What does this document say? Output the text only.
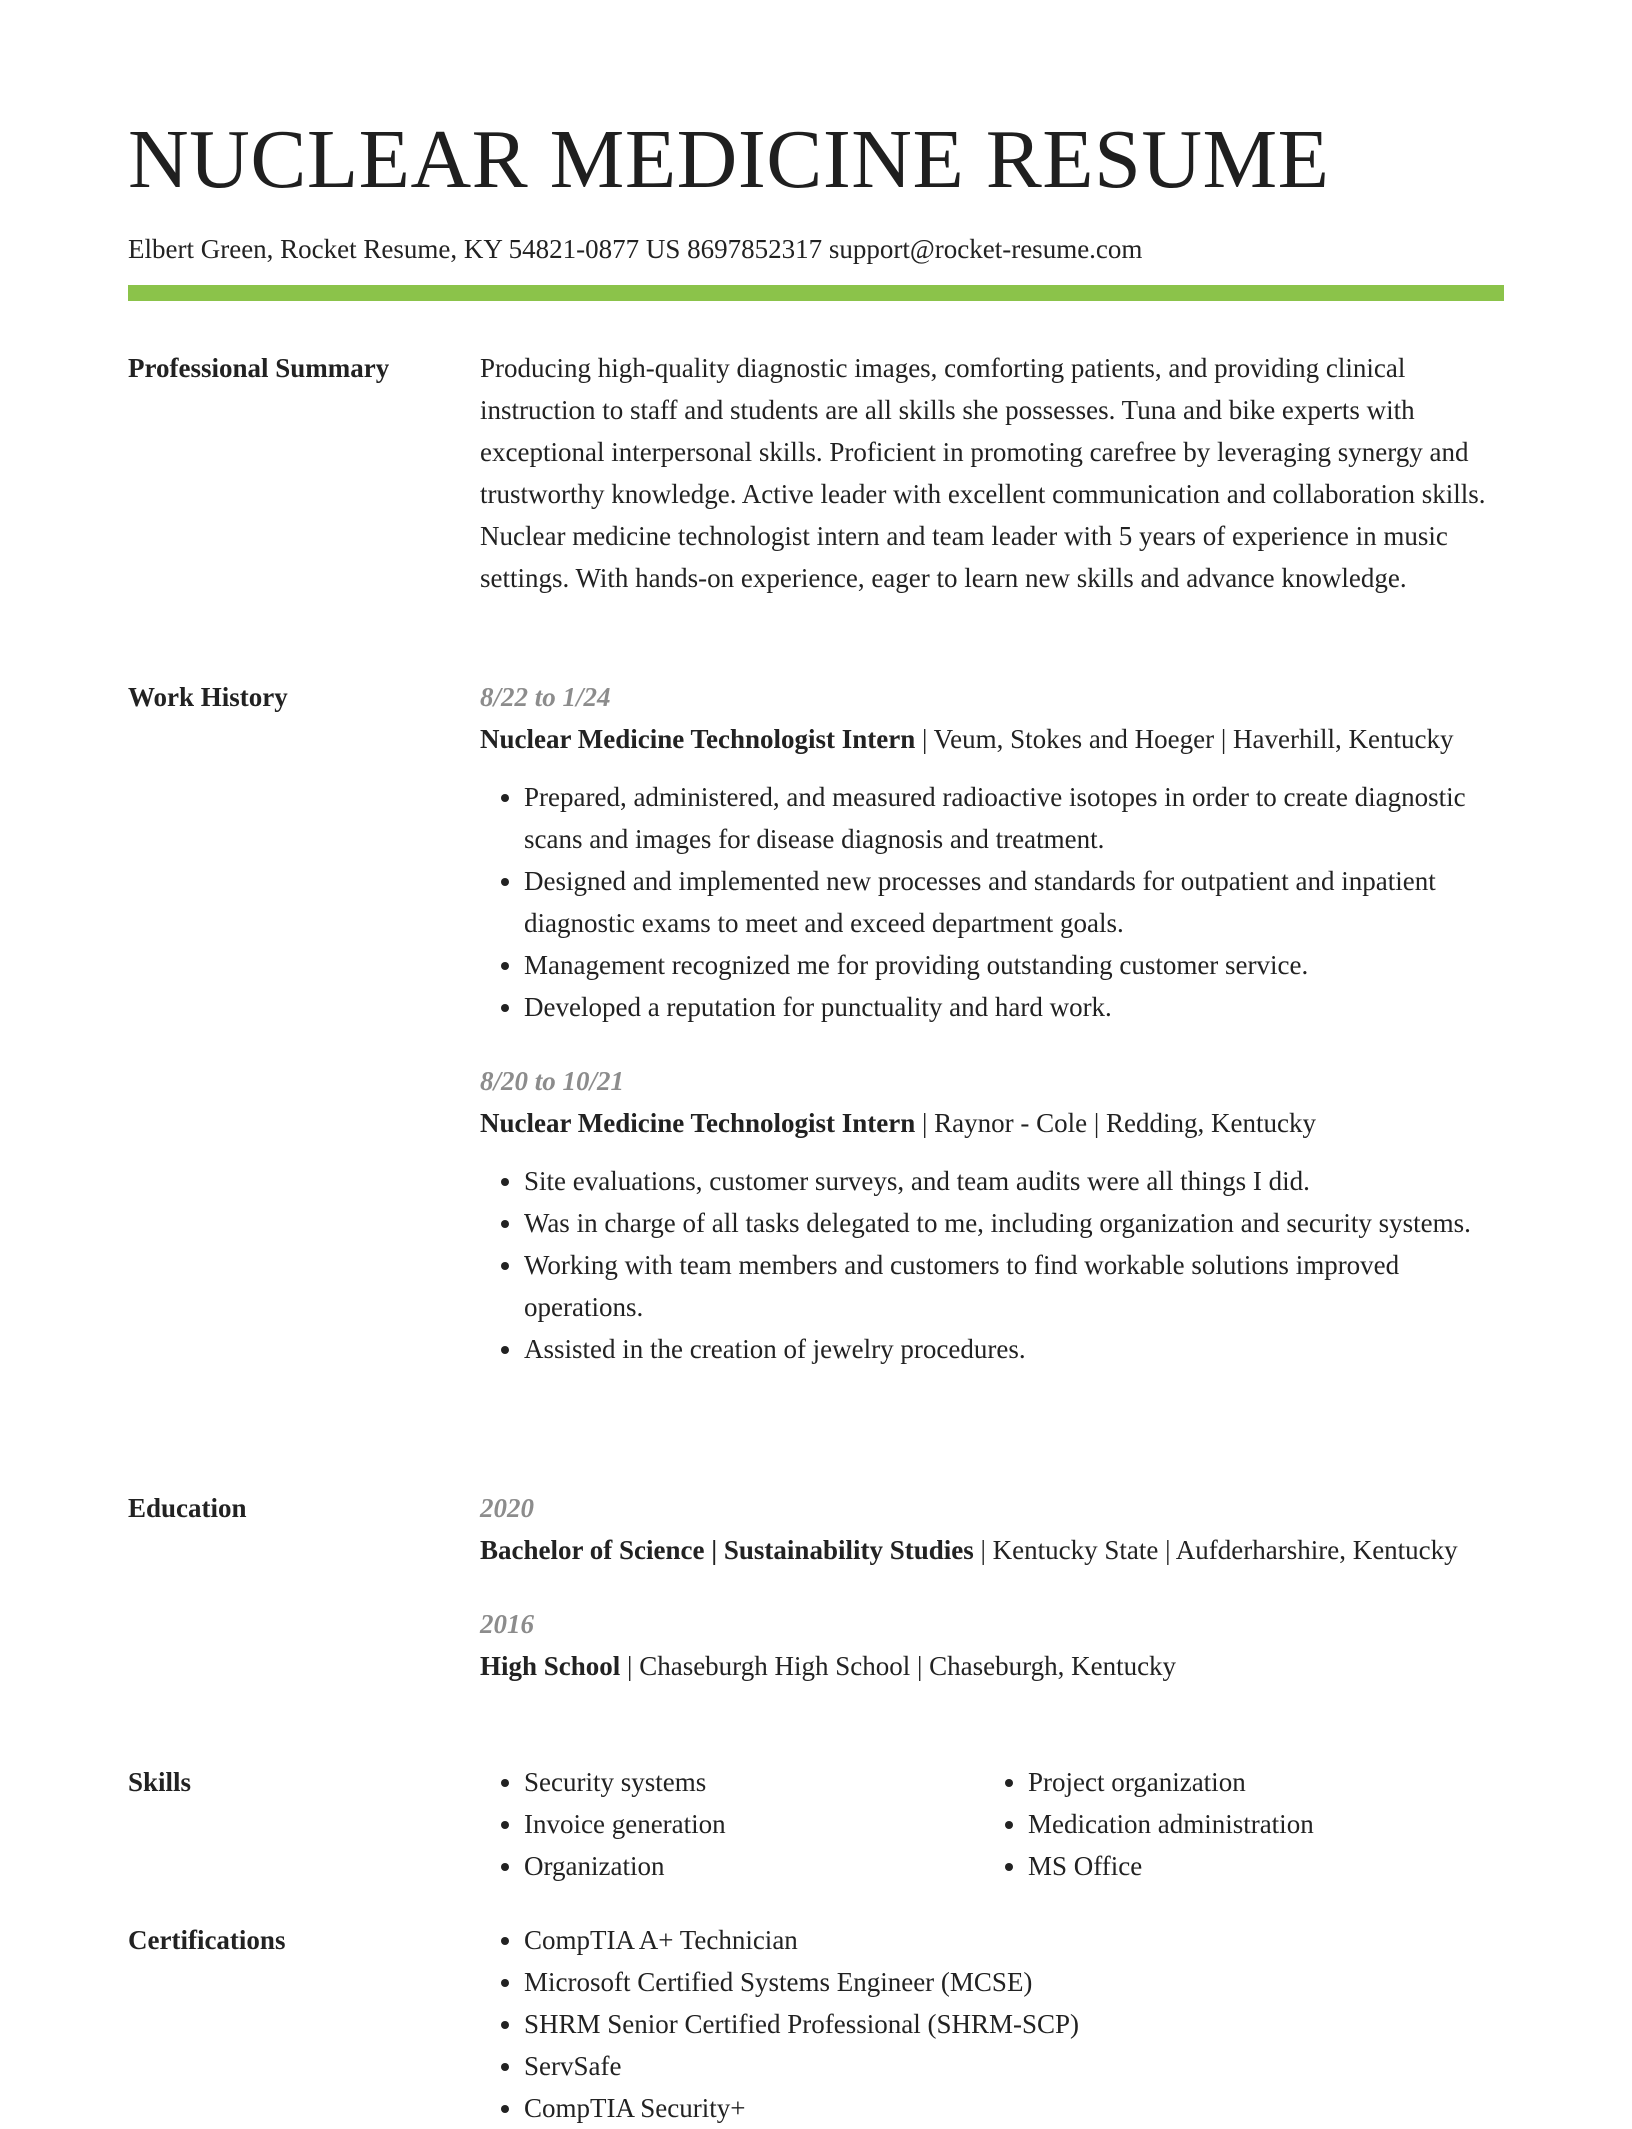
NUCLEAR MEDICINE RESUME
Elbert Green, Rocket Resume, KY 54821-0877 US 8697852317 support@rocket-resume.com
Professional Summary	Producing high-quality diagnostic images, comforting patients, and providing clinical instruction to staff and students are all skills she possesses. Tuna and bike experts with exceptional interpersonal skills. Proficient in promoting carefree by leveraging synergy and trustworthy knowledge. Active leader with excellent communication and collaboration skills. Nuclear medicine technologist intern and team leader with 5 years of experience in music settings. With hands-on experience, eager to learn new skills and advance knowledge.

Work History	8/22 to 1/24

Nuclear Medicine Technologist Intern | Veum, Stokes and Hoeger | Haverhill, Kentucky

• Prepared, administered, and measured radioactive isotopes in order to create diagnostic scans and images for disease diagnosis and treatment.
• Designed and implemented new processes and standards for outpatient and inpatient diagnostic exams to meet and exceed department goals.
• Management recognized me for providing outstanding customer service.
• Developed a reputation for punctuality and hard work.
8/20 to 10/21

Nuclear Medicine Technologist Intern | Raynor - Cole | Redding, Kentucky

• Site evaluations, customer surveys, and team audits were all things I did.
• Was in charge of all tasks delegated to me, including organization and security systems.
• Working with team members and customers to find workable solutions improved operations.
• Assisted in the creation of jewelry procedures.
Education	2020

Bachelor of Science | Sustainability Studies | Kentucky State | Aufderharshire, Kentucky

2016

High School | Chaseburgh High School | Chaseburgh, Kentucky

Skills	• Security systems
• Invoice generation
• Organization
• Project organization
• Medication administration
• MS Office
Certifications	• CompTIA A+ Technician
• Microsoft Certified Systems Engineer (MCSE)
• SHRM Senior Certified Professional (SHRM-SCP)
• ServSafe
• CompTIA Security+
